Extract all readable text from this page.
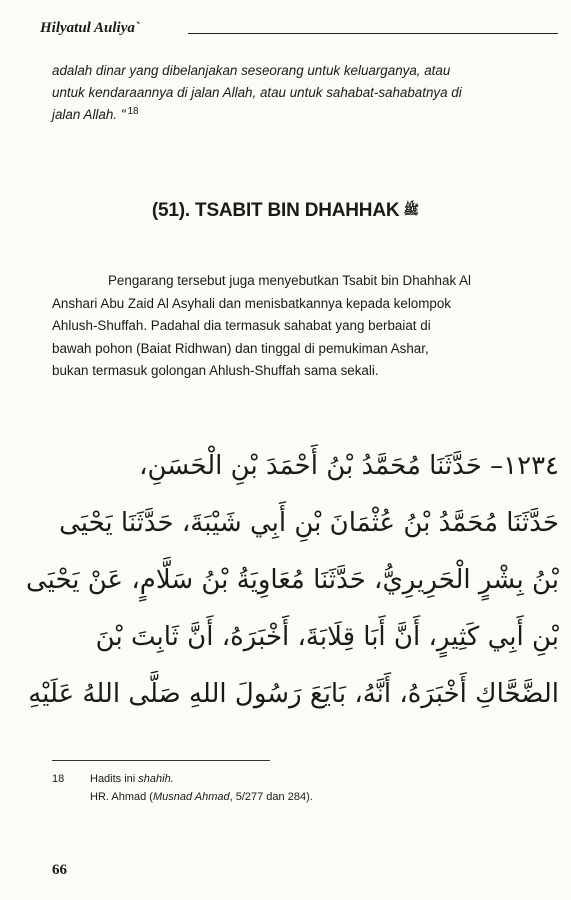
Hilyatul Auliya`
adalah dinar yang dibelanjakan seseorang untuk keluarganya, atau
untuk kendaraannya di jalan Allah, atau untuk sahabat-sahabatnya di
jalan Allah. " $^{18}$
(51). TSABIT BIN DHAHHAK ﷺ
Pengarang tersebut juga menyebutkan Tsabit bin Dhahhak Al
Anshari Abu Zaid Al Asyhali dan menisbatkannya kepada kelompok
Ahlush-Shuffah. Padahal dia termasuk sahabat yang berbaiat di
bawah pohon (Baiat Ridhwan) dan tinggal di pemukiman Ashar,
bukan termasuk golongan Ahlush-Shuffah sama sekali.
١٢٣٤– حَدَّثَنَا مُحَمَّدُ بْنُ أَحْمَدَ بْنِ الْحَسَنِ،
حَدَّثَنَا مُحَمَّدُ بْنُ عُثْمَانَ بْنِ أَبِي شَيْبَةَ، حَدَّثَنَا يَحْيَى
بْنُ بِشْرٍ الْحَرِيرِيُّ، حَدَّثَنَا مُعَاوِيَةُ بْنُ سَلَّامٍ، عَنْ يَحْيَى
بْنِ أَبِي كَثِيرٍ، أَنَّ أَبَا قِلَابَةَ، أَخْبَرَهُ، أَنَّ ثَابِتَ بْنَ
الضَّحَّاكِ أَخْبَرَهُ، أَنَّهُ، بَايَعَ رَسُولَ اللهِ صَلَّى اللهُ عَلَيْهِ
18 Hadits ini shahih.
HR. Ahmad (Musnad Ahmad, 5/277 dan 284).
66
